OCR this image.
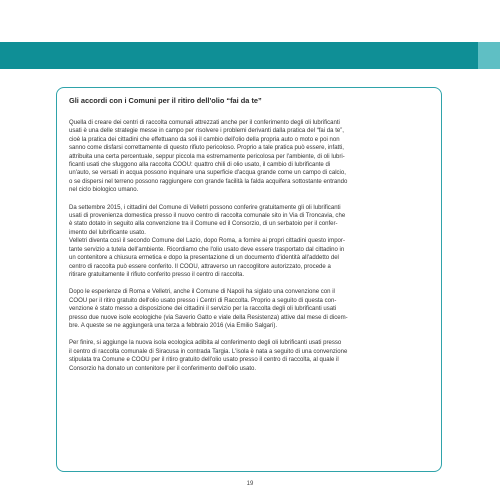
Gli accordi con i Comuni per il ritiro dell'olio “fai da te”
Quella di creare dei centri di raccolta comunali attrezzati anche per il conferimento degli oli lubrificanti
usati è una delle strategie messe in campo per risolvere i problemi derivanti dalla pratica del “fai da te”,
cioè la pratica dei cittadini che effettuano da soli il cambio dell'olio della propria auto o moto e poi non
sanno come disfarsi correttamente di questo rifiuto pericoloso. Proprio a tale pratica può essere, infatti,
attribuita una certa percentuale, seppur piccola ma estremamente pericolosa per l'ambiente, di oli lubri-
ficanti usati che sfuggono alla raccolta COOU: quattro chili di olio usato, il cambio di lubrificante di
un'auto, se versati in acqua possono inquinare una superficie d'acqua grande come un campo di calcio,
o se dispersi nel terreno possono raggiungere con grande facilità la falda acquifera sottostante entrando
nel ciclo biologico umano.
Da settembre 2015, i cittadini del Comune di Velletri possono conferire gratuitamente gli oli lubrificanti
usati di provenienza domestica presso il nuovo centro di raccolta comunale sito in Via di Troncavia, che
è stato dotato in seguito alla convenzione tra il Comune ed il Consorzio, di un serbatoio per il confer-
imento del lubrificante usato.
Velletri diventa così il secondo Comune del Lazio, dopo Roma, a fornire ai propri cittadini questo impor-
tante servizio a tutela dell'ambiente. Ricordiamo che l'olio usato deve essere trasportato dal cittadino in
un contenitore a chiusura ermetica e dopo la presentazione di un documento d'identità all'addetto del
centro di raccolta può essere conferito. Il COOU, attraverso un raccoglitore autorizzato, procede a
ritirare gratuitamente il rifiuto conferito presso il centro di raccolta.
Dopo le esperienze di Roma e Velletri, anche il Comune di Napoli ha siglato una convenzione con il
COOU per il ritiro gratuito dell'olio usato presso i Centri di Raccolta. Proprio a seguito di questa con-
venzione è stato messo a disposizione dei cittadini il servizio per la raccolta degli oli lubrificanti usati
presso due nuove isole ecologiche (via Saverio Gatto e viale della Resistenza) attive dal mese di dicem-
bre. A queste se ne aggiungerà una terza a febbraio 2016 (via Emilio Salgari).
Per finire, si aggiunge la nuova isola ecologica adibita al conferimento degli oli lubrificanti usati presso
il centro di raccolta comunale di Siracusa in contrada Targia. L'isola è nata a seguito di una convenzione
stipulata tra Comune e COOU per il ritiro gratuito dell'olio usato presso il centro di raccolta, al quale il
Consorzio ha donato un contenitore per il conferimento dell'olio usato.
19
